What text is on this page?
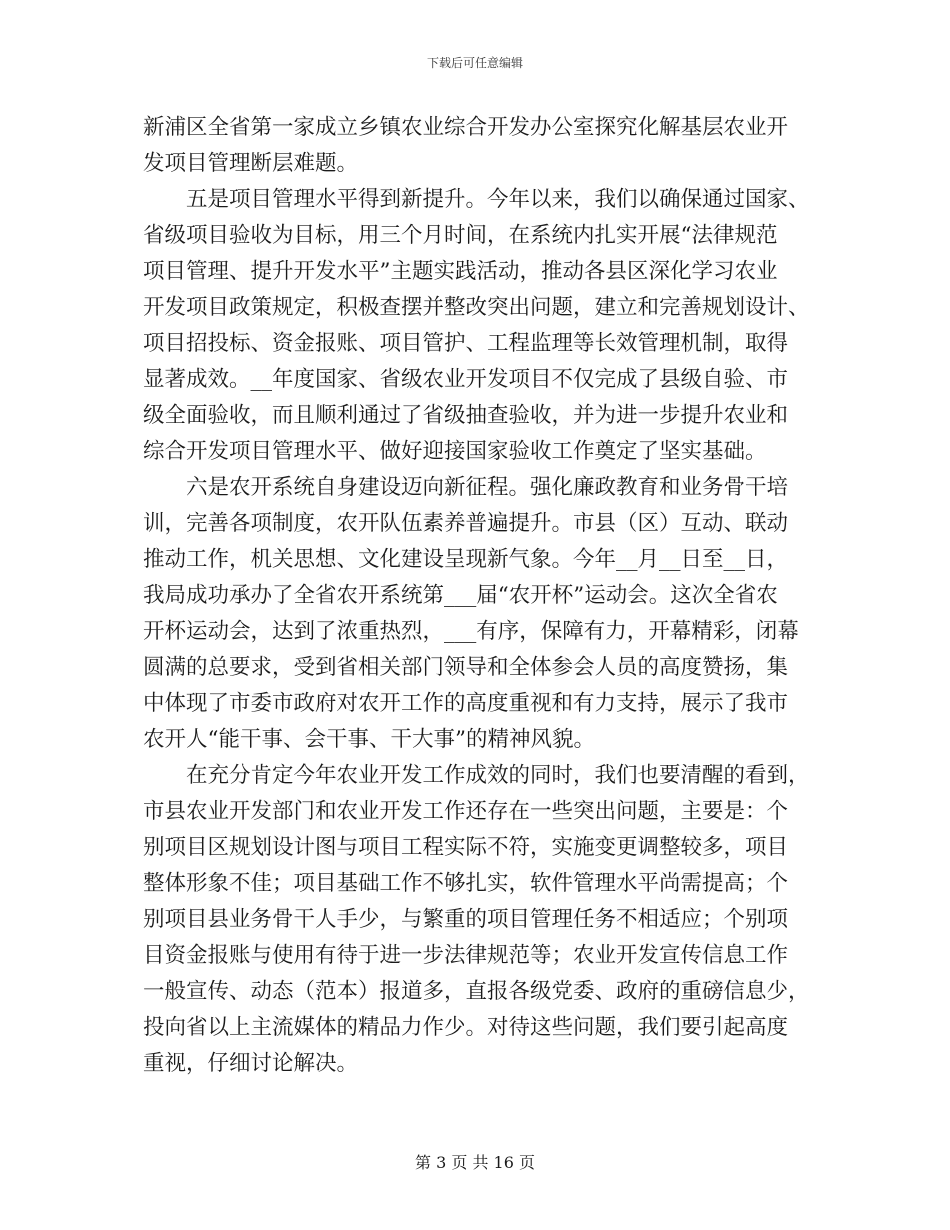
下载后可任意编辑
新浦区全省第一家成立乡镇农业综合开发办公室探究化解基层农业开
发项目管理断层难题。
　　五是项目管理水平得到新提升。今年以来，我们以确保通过国家、
省级项目验收为目标，用三个月时间，在系统内扎实开展“法律规范
项目管理、提升开发水平”主题实践活动，推动各县区深化学习农业
开发项目政策规定，积极查摆并整改突出问题，建立和完善规划设计、
项目招投标、资金报账、项目管护、工程监理等长效管理机制，取得
显著成效。__年度国家、省级农业开发项目不仅完成了县级自验、市
级全面验收，而且顺利通过了省级抽查验收，并为进一步提升农业和
综合开发项目管理水平、做好迎接国家验收工作奠定了坚实基础。
　　六是农开系统自身建设迈向新征程。强化廉政教育和业务骨干培
训，完善各项制度，农开队伍素养普遍提升。市县（区）互动、联动
推动工作，机关思想、文化建设呈现新气象。今年__月__日至__日，
我局成功承办了全省农开系统第___届“农开杯”运动会。这次全省农
开杯运动会，达到了浓重热烈，___有序，保障有力，开幕精彩，闭幕
圆满的总要求，受到省相关部门领导和全体参会人员的高度赞扬，集
中体现了市委市政府对农开工作的高度重视和有力支持，展示了我市
农开人“能干事、会干事、干大事”的精神风貌。
　　在充分肯定今年农业开发工作成效的同时，我们也要清醒的看到，
市县农业开发部门和农业开发工作还存在一些突出问题，主要是：个
别项目区规划设计图与项目工程实际不符，实施变更调整较多，项目
整体形象不佳；项目基础工作不够扎实，软件管理水平尚需提高；个
别项目县业务骨干人手少，与繁重的项目管理任务不相适应；个别项
目资金报账与使用有待于进一步法律规范等；农业开发宣传信息工作
一般宣传、动态（范本）报道多，直报各级党委、政府的重磅信息少，
投向省以上主流媒体的精品力作少。对待这些问题，我们要引起高度
重视，仔细讨论解决。
第 3 页 共 16 页
